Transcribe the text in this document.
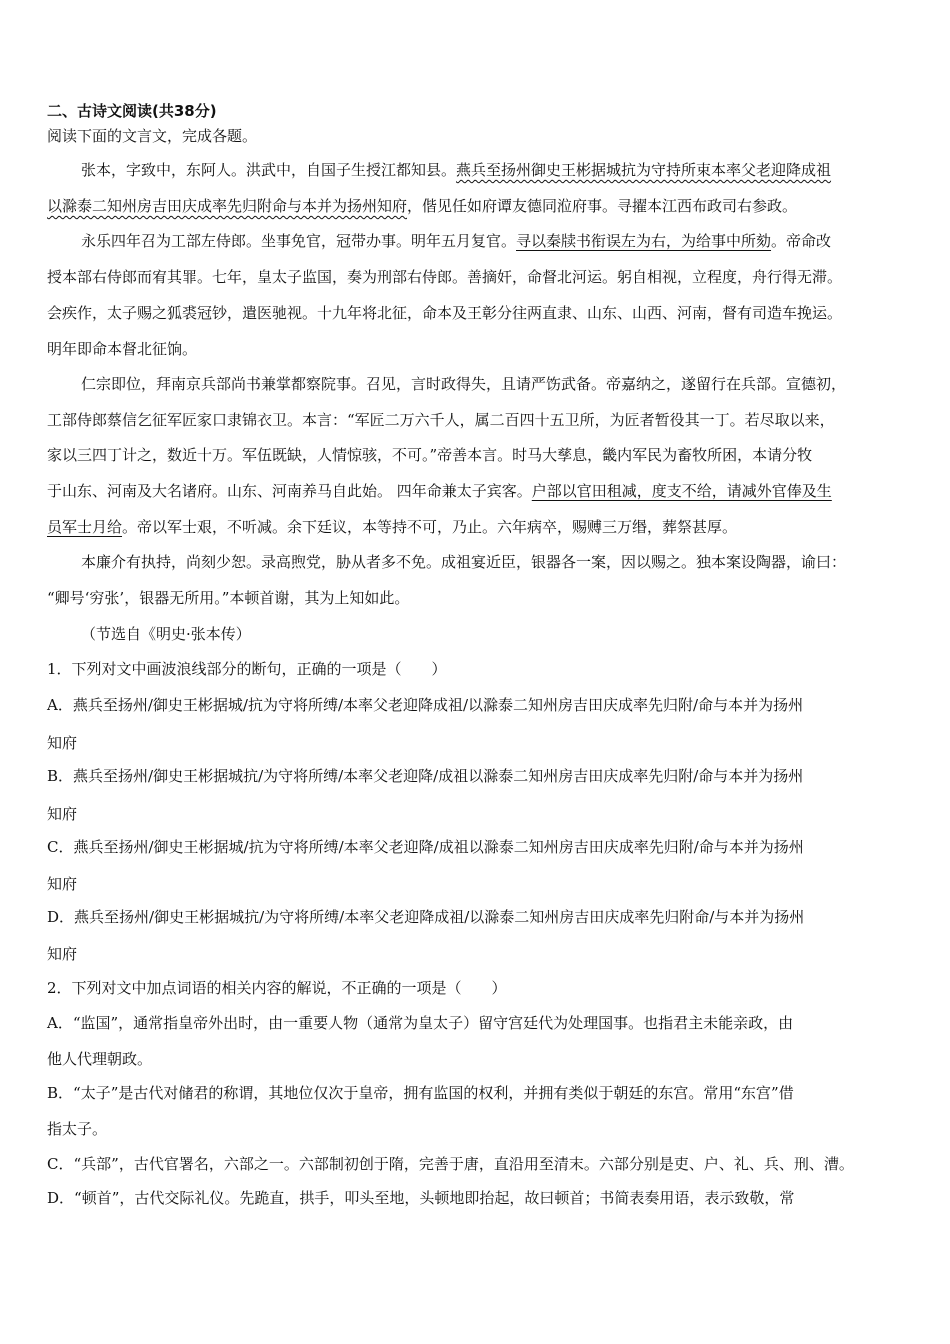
二、古诗文阅读(共38分)
阅读下面的文言文，完成各题。
张本，字致中，东阿人。洪武中，自国子生授江都知县。燕兵至扬州御史王彬据城抗为守持所束本率父老迎降成祖
以滁泰二知州房吉田庆成率先归附命与本并为扬州知府，偕见任如府谭友德同涖府事。寻擢本江西布政司右参政。
永乐四年召为工部左侍郎。坐事免官，冠带办事。明年五月复官。寻以秦牍书衔误左为右，为给事中所劾。帝命改
授本部右侍郎而宥其罪。七年，皇太子监国，奏为刑部右侍郎。善摘奸，命督北河运。躬自相视，立程度，舟行得无滞。
会疾作，太子赐之狐裘冠钞，遣医驰视。十九年将北征，命本及王彰分往两直隶、山东、山西、河南，督有司造车挽运。
明年即命本督北征饷。
仁宗即位，拜南京兵部尚书兼掌都察院事。召见，言时政得失，且请严饬武备。帝嘉纳之，遂留行在兵部。宣德初，
工部侍郎蔡信乞征军匠家口隶锦衣卫。本言：“军匠二万六千人，属二百四十五卫所，为匠者暂役其一丁。若尽取以来，
家以三四丁计之，数近十万。军伍既缺，人情惊骇，不可。”帝善本言。时马大孳息，畿内军民为畜牧所困，本请分牧
于山东、河南及大名诸府。山东、河南养马自此始。 四年命兼太子宾客。户部以官田租减，度支不给，请减外官俸及生
员军士月给。帝以军士艰，不听减。余下廷议，本等持不可，乃止。六年病卒，赐赙三万缗，葬祭甚厚。
本廉介有执持，尚刻少恕。录高煦党，胁从者多不免。成祖宴近臣，银器各一案，因以赐之。独本案设陶器，谕曰：
“卿号‘穷张’，银器无所用。”本顿首谢，其为上知如此。
（节选自《明史·张本传）
1．下列对文中画波浪线部分的断句，正确的一项是（　　）
A．燕兵至扬州/御史王彬据城/抗为守将所缚/本率父老迎降成祖/以滁泰二知州房吉田庆成率先归附/命与本并为扬州
知府
B．燕兵至扬州/御史王彬据城抗/为守将所缚/本率父老迎降/成祖以滁泰二知州房吉田庆成率先归附/命与本并为扬州
知府
C．燕兵至扬州/御史王彬据城/抗为守将所缚/本率父老迎降/成祖以滁泰二知州房吉田庆成率先归附/命与本并为扬州
知府
D．燕兵至扬州/御史王彬据城抗/为守将所缚/本率父老迎降成祖/以滁泰二知州房吉田庆成率先归附命/与本并为扬州
知府
2．下列对文中加点词语的相关内容的解说，不正确的一项是（　　）
A．“监国”，通常指皇帝外出时，由一重要人物（通常为皇太子）留守宫廷代为处理国事。也指君主未能亲政，由
他人代理朝政。
B．“太子”是古代对储君的称谓，其地位仅次于皇帝，拥有监国的权利，并拥有类似于朝廷的东宫。常用“东宫”借
指太子。
C．“兵部”，古代官署名，六部之一。六部制初创于隋，完善于唐，直沿用至清末。六部分别是吏、户、礼、兵、刑、漕。
D．“顿首”，古代交际礼仪。先跪直，拱手，叩头至地，头顿地即抬起，故曰顿首；书简表奏用语，表示致敬，常
